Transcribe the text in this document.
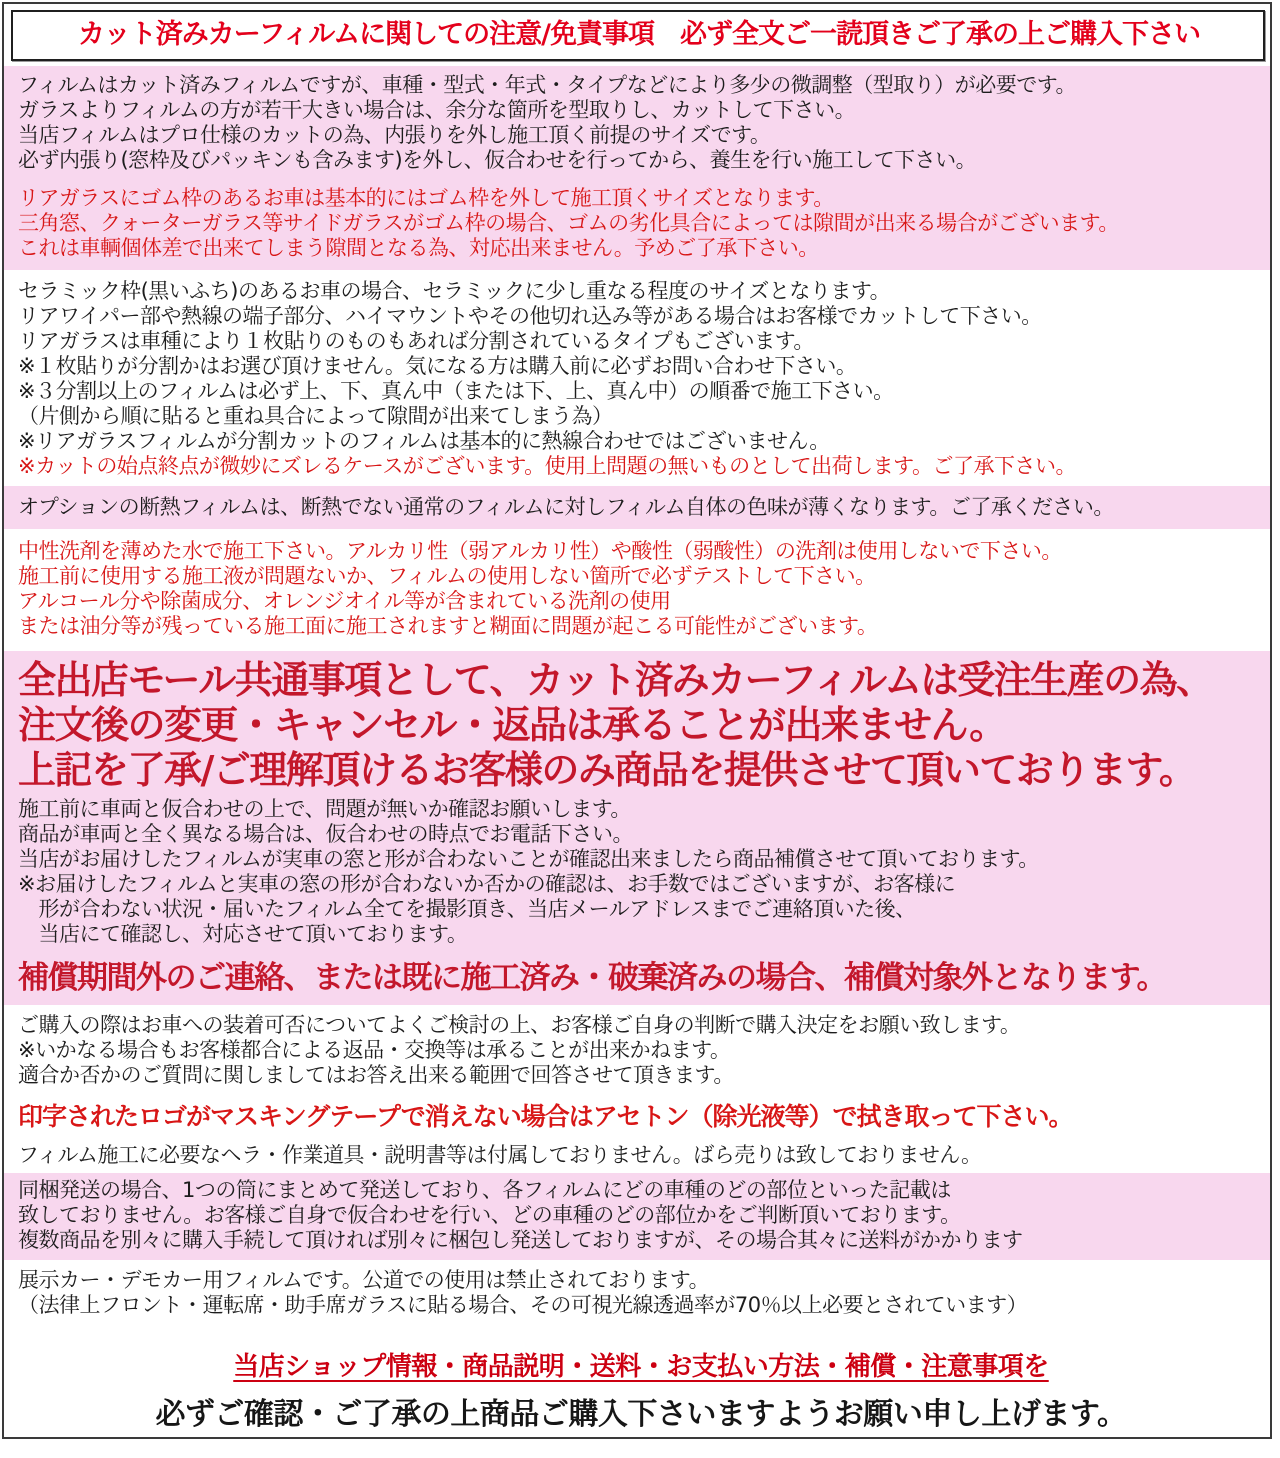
カット済みカーフィルムに関しての注意/免責事項　必ず全文ご一読頂きご了承の上ご購入下さい
フィルムはカット済みフィルムですが、車種・型式・年式・タイプなどにより多少の微調整（型取り）が必要です。
ガラスよりフィルムの方が若干大きい場合は、余分な箇所を型取りし、カットして下さい。
当店フィルムはプロ仕様のカットの為、内張りを外し施工頂く前提のサイズです。
必ず内張り(窓枠及びパッキンも含みます)を外し、仮合わせを行ってから、養生を行い施工して下さい。
リアガラスにゴム枠のあるお車は基本的にはゴム枠を外して施工頂くサイズとなります。
三角窓、クォーターガラス等サイドガラスがゴム枠の場合、ゴムの劣化具合によっては隙間が出来る場合がございます。
これは車輌個体差で出来てしまう隙間となる為、対応出来ません。予めご了承下さい。
セラミック枠(黒いふち)のあるお車の場合、セラミックに少し重なる程度のサイズとなります。
リアワイパー部や熱線の端子部分、ハイマウントやその他切れ込み等がある場合はお客様でカットして下さい。
リアガラスは車種により１枚貼りのものもあれば分割されているタイプもございます。
※１枚貼りが分割かはお選び頂けません。気になる方は購入前に必ずお問い合わせ下さい。
※３分割以上のフィルムは必ず上、下、真ん中（または下、上、真ん中）の順番で施工下さい。
（片側から順に貼ると重ね具合によって隙間が出来てしまう為）
※リアガラスフィルムが分割カットのフィルムは基本的に熱線合わせではございません。
※カットの始点終点が微妙にズレるケースがございます。使用上問題の無いものとして出荷します。ご了承下さい。
オプションの断熱フィルムは、断熱でない通常のフィルムに対しフィルム自体の色味が薄くなります。ご了承ください。
中性洗剤を薄めた水で施工下さい。アルカリ性（弱アルカリ性）や酸性（弱酸性）の洗剤は使用しないで下さい。
施工前に使用する施工液が問題ないか、フィルムの使用しない箇所で必ずテストして下さい。
アルコール分や除菌成分、オレンジオイル等が含まれている洗剤の使用
または油分等が残っている施工面に施工されますと糊面に問題が起こる可能性がございます。
全出店モール共通事項として、カット済みカーフィルムは受注生産の為、
注文後の変更・キャンセル・返品は承ることが出来ません。
上記を了承/ご理解頂けるお客様のみ商品を提供させて頂いております。
施工前に車両と仮合わせの上で、問題が無いか確認お願いします。
商品が車両と全く異なる場合は、仮合わせの時点でお電話下さい。
当店がお届けしたフィルムが実車の窓と形が合わないことが確認出来ましたら商品補償させて頂いております。
※お届けしたフィルムと実車の窓の形が合わないか否かの確認は、お手数ではございますが、お客様に
　形が合わない状況・届いたフィルム全てを撮影頂き、当店メールアドレスまでご連絡頂いた後、
　当店にて確認し、対応させて頂いております。
補償期間外のご連絡、または既に施工済み・破棄済みの場合、補償対象外となります。
ご購入の際はお車への装着可否についてよくご検討の上、お客様ご自身の判断で購入決定をお願い致します。
※いかなる場合もお客様都合による返品・交換等は承ることが出来かねます。
適合か否かのご質問に関しましてはお答え出来る範囲で回答させて頂きます。
印字されたロゴがマスキングテープで消えない場合はアセトン（除光液等）で拭き取って下さい。
フィルム施工に必要なヘラ・作業道具・説明書等は付属しておりません。ばら売りは致しておりません。
同梱発送の場合、1つの筒にまとめて発送しており、各フィルムにどの車種のどの部位といった記載は
致しておりません。お客様ご自身で仮合わせを行い、どの車種のどの部位かをご判断頂いております。
複数商品を別々に購入手続して頂ければ別々に梱包し発送しておりますが、その場合其々に送料がかかります
展示カー・デモカー用フィルムです。公道での使用は禁止されております。
（法律上フロント・運転席・助手席ガラスに貼る場合、その可視光線透過率が70％以上必要とされています）
当店ショップ情報・商品説明・送料・お支払い方法・補償・注意事項を
必ずご確認・ご了承の上商品ご購入下さいますようお願い申し上げます。
